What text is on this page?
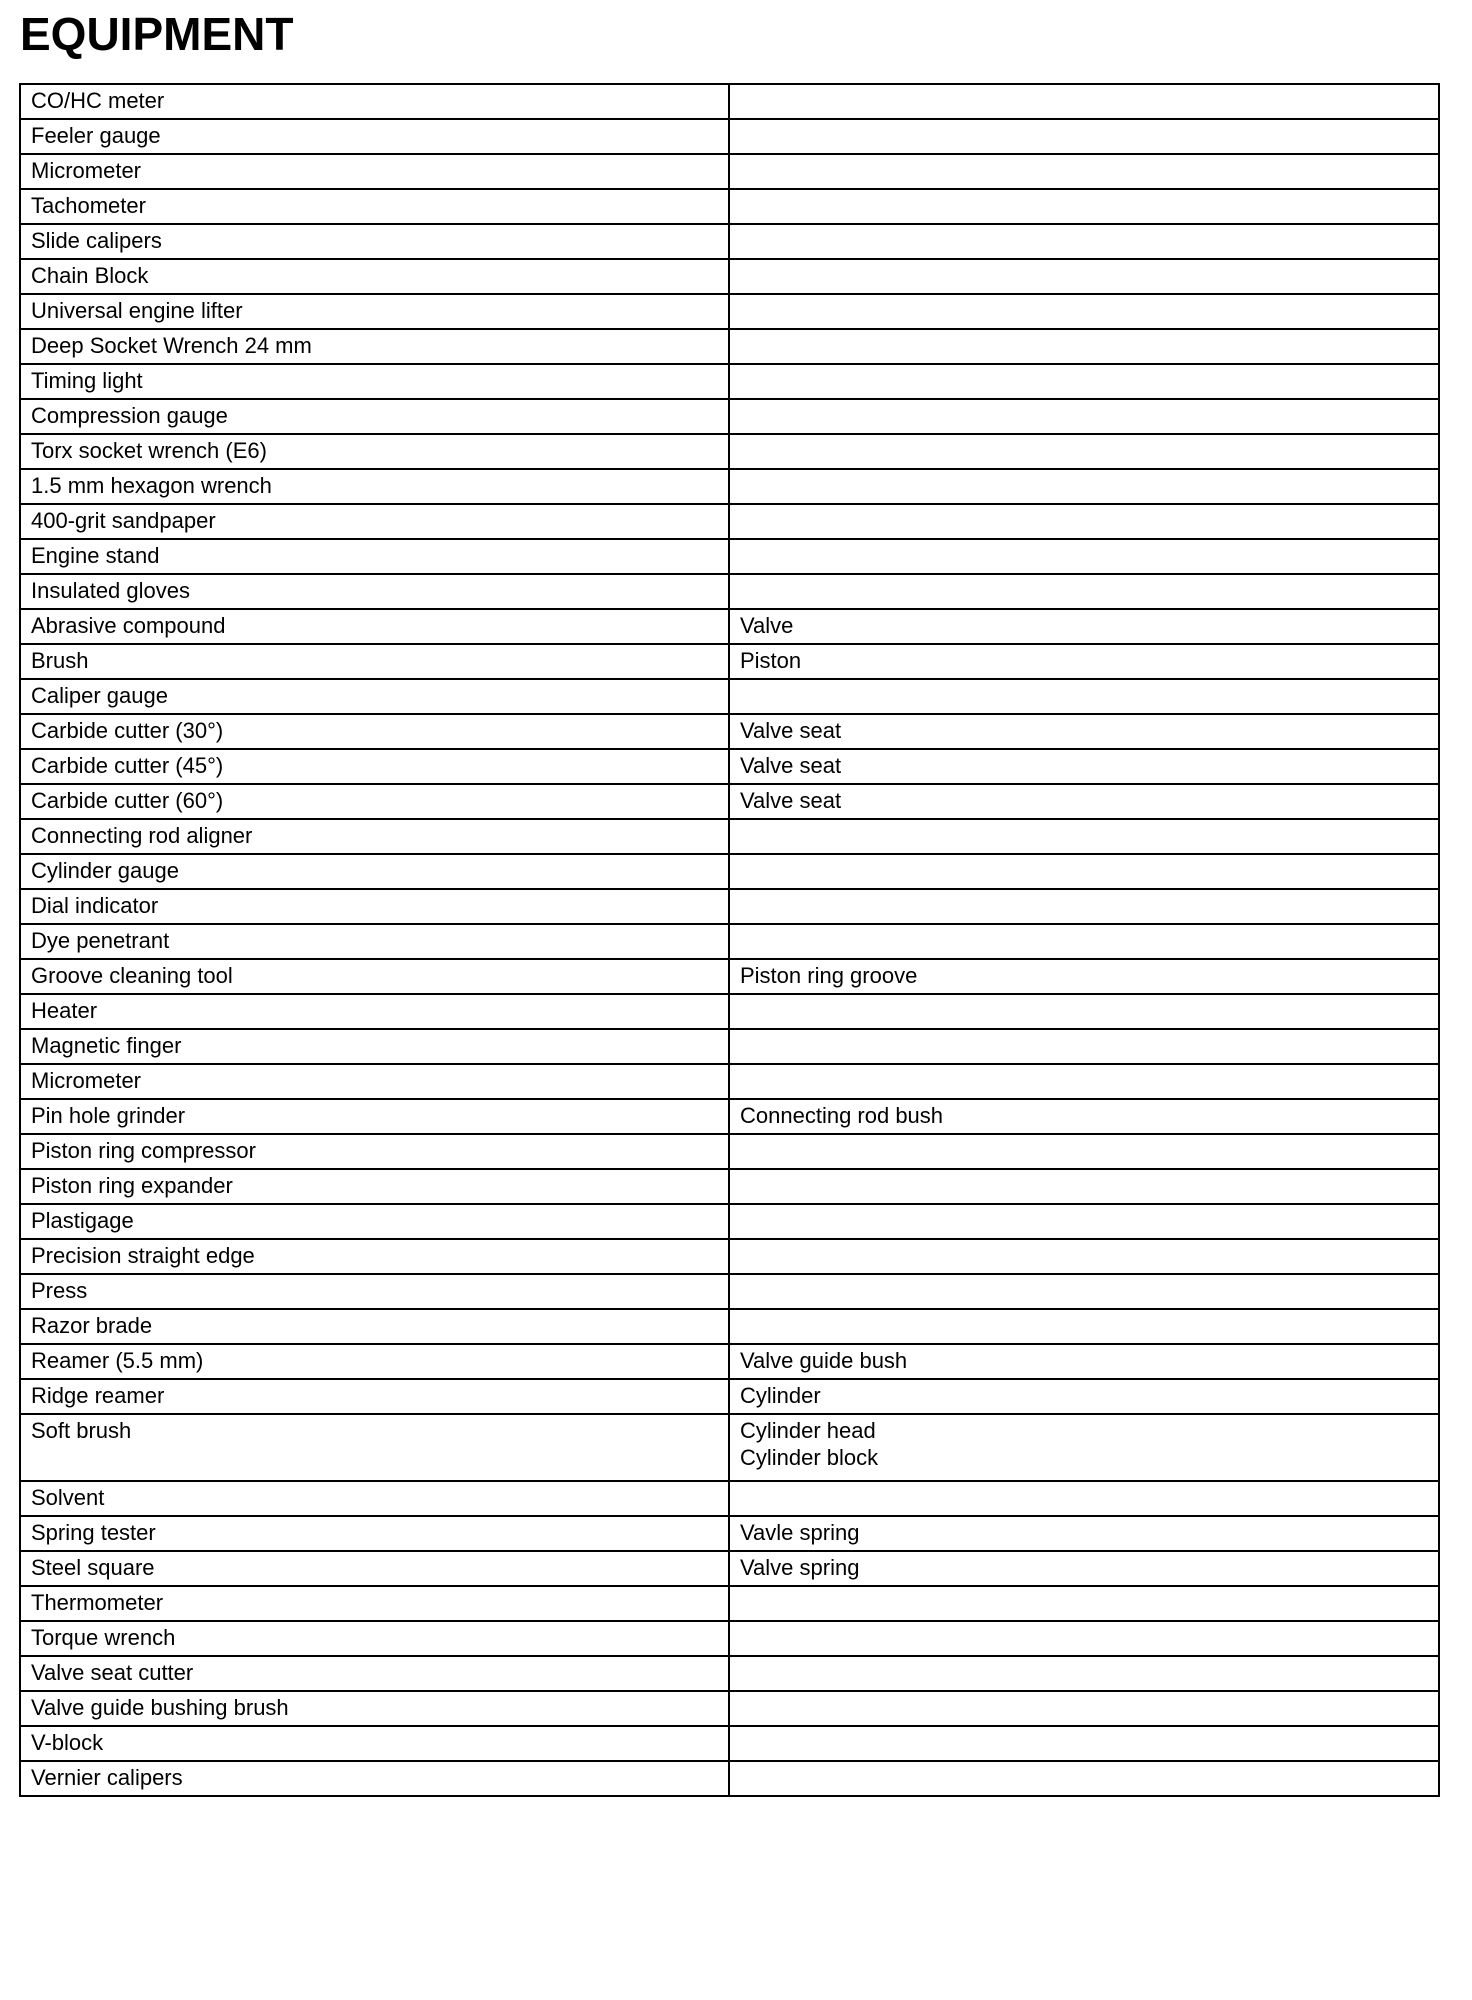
EQUIPMENT
CO/HC meter	
Feeler gauge	
Micrometer	
Tachometer	
Slide calipers	
Chain Block	
Universal engine lifter	
Deep Socket Wrench 24 mm	
Timing light	
Compression gauge	
Torx socket wrench (E6)	
1.5 mm hexagon wrench	
400-grit sandpaper	
Engine stand	
Insulated gloves	
Abrasive compound	Valve
Brush	Piston
Caliper gauge	
Carbide cutter (30°)	Valve seat
Carbide cutter (45°)	Valve seat
Carbide cutter (60°)	Valve seat
Connecting rod aligner	
Cylinder gauge	
Dial indicator	
Dye penetrant	
Groove cleaning tool	Piston ring groove
Heater	
Magnetic finger	
Micrometer	
Pin hole grinder	Connecting rod bush
Piston ring compressor	
Piston ring expander	
Plastigage	
Precision straight edge	
Press	
Razor brade	
Reamer (5.5 mm)	Valve guide bush
Ridge reamer	Cylinder
Soft brush	Cylinder head
Cylinder block
Solvent	
Spring tester	Vavle spring
Steel square	Valve spring
Thermometer	
Torque wrench	
Valve seat cutter	
Valve guide bushing brush	
V-block	
Vernier calipers	
